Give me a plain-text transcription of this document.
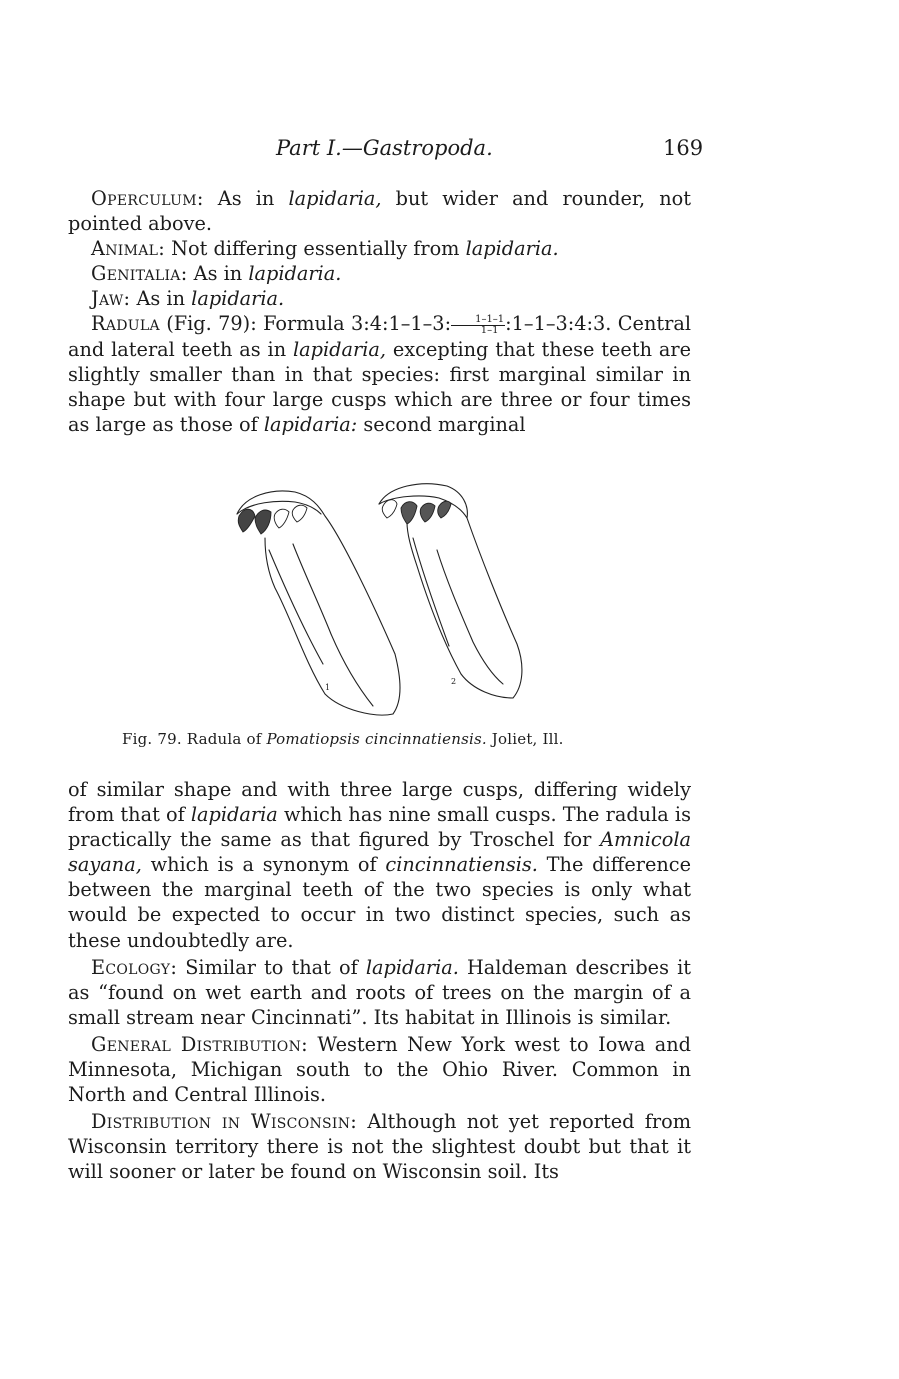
Part I.—Gastropoda.	169

Operculum: As in lapidaria, but wider and rounder, not pointed above.

Animal: Not differing essentially from lapidaria.

Genitalia: As in lapidaria.

Jaw: As in lapidaria.

Radula (Fig. 79): Formula 3:4:1–1–3: $\frac{1-1-1}{1-1}$ :1–1–3:4:3. Central and lateral teeth as in lapidaria, excepting that these teeth are slightly smaller than in that species: first marginal similar in shape but with four large cusps which are three or four times as large as those of lapidaria: second marginal

1
2
Fig. 79. Radula of Pomatiopsis cincinnatiensis. Joliet, Ill.

of similar shape and with three large cusps, differing widely from that of lapidaria which has nine small cusps. The radula is practically the same as that figured by Troschel for Amnicola sayana, which is a synonym of cincinnatiensis. The difference between the marginal teeth of the two species is only what would be expected to occur in two distinct species, such as these undoubtedly are.

Ecology: Similar to that of lapidaria. Haldeman describes it as “found on wet earth and roots of trees on the margin of a small stream near Cincinnati”. Its habitat in Illinois is similar.

General Distribution: Western New York west to Iowa and Minnesota, Michigan south to the Ohio River. Common in North and Central Illinois.

Distribution in Wisconsin: Although not yet reported from Wisconsin territory there is not the slightest doubt but that it will sooner or later be found on Wisconsin soil. Its
